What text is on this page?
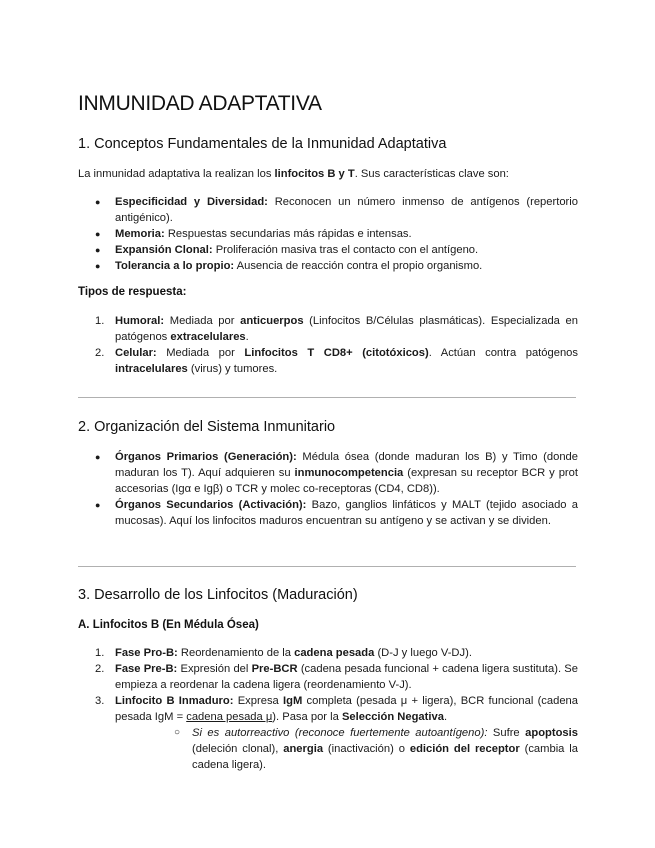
INMUNIDAD ADAPTATIVA
1. Conceptos Fundamentales de la Inmunidad Adaptativa

La inmunidad adaptativa la realizan los linfocitos B y T. Sus características clave son:

● Especificidad y Diversidad: Reconocen un número inmenso de antígenos (repertorio antigénico).
● Memoria: Respuestas secundarias más rápidas e intensas.
● Expansión Clonal: Proliferación masiva tras el contacto con el antígeno.
● Tolerancia a lo propio: Ausencia de reacción contra el propio organismo.
Tipos de respuesta:
1. Humoral: Mediada por anticuerpos (Linfocitos B/Células plasmáticas). Especializada en patógenos extracelulares.
2. Celular: Mediada por Linfocitos T CD8+ (citotóxicos). Actúan contra patógenos intracelulares (virus) y tumores.
2. Organización del Sistema Inmunitario
● Órganos Primarios (Generación): Médula ósea (donde maduran los B) y Timo (donde maduran los T). Aquí adquieren su inmunocompetencia (expresan su receptor BCR y prot accesorias (Igα e Igβ) o TCR y molec co-receptoras (CD4, CD8)).
● Órganos Secundarios (Activación): Bazo, ganglios linfáticos y MALT (tejido asociado a mucosas). Aquí los linfocitos maduros encuentran su antígeno y se activan y se dividen.
3. Desarrollo de los Linfocitos (Maduración)
A. Linfocitos B (En Médula Ósea)
1. Fase Pro-B: Reordenamiento de la cadena pesada (D-J y luego V-DJ).
2. Fase Pre-B: Expresión del Pre-BCR (cadena pesada funcional + cadena ligera sustituta). Se empieza a reordenar la cadena ligera (reordenamiento V-J).
3. Linfocito B Inmaduro: Expresa IgM completa (pesada μ + ligera), BCR funcional (cadena pesada IgM = cadena pesada μ). Pasa por la Selección Negativa.
○ Si es autorreactivo (reconoce fuertemente autoantígeno): Sufre apoptosis (deleción clonal), anergia (inactivación) o edición del receptor (cambia la cadena ligera).
